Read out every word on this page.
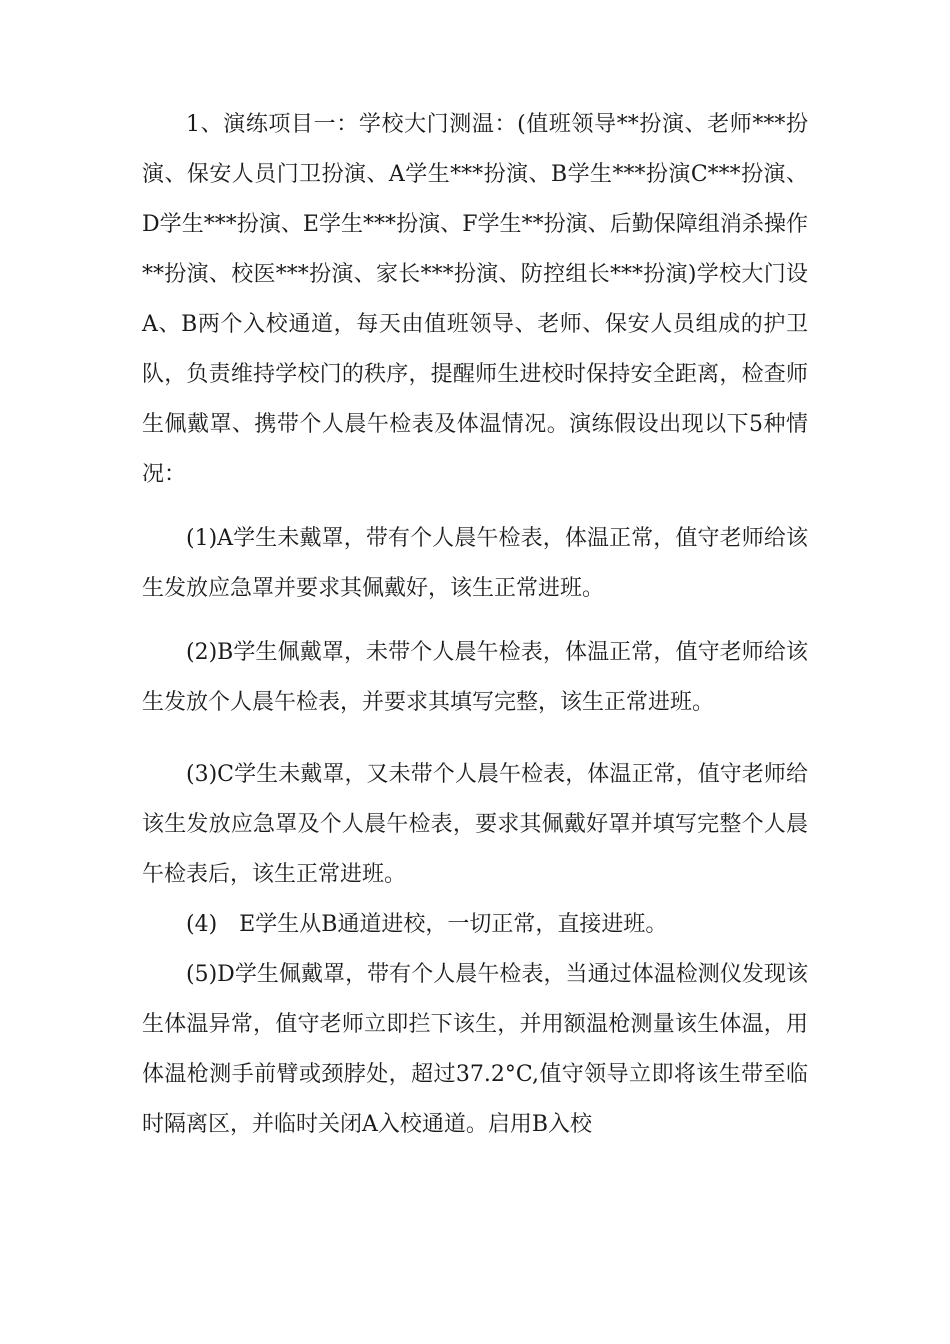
1、演练项目一：学校大门测温：(值班领导**扮演、老师***扮演、保安人员门卫扮演、A学生***扮演、B学生***扮演C***扮演、D学生***扮演、E学生***扮演、F学生**扮演、后勤保障组消杀操作**扮演、校医***扮演、家长***扮演、防控组长***扮演)学校大门设A、B两个入校通道，每天由值班领导、老师、保安人员组成的护卫队，负责维持学校门的秩序，提醒师生进校时保持安全距离，检查师生佩戴罩、携带个人晨午检表及体温情况。演练假设出现以下5种情况：

(1)A学生未戴罩，带有个人晨午检表，体温正常，值守老师给该生发放应急罩并要求其佩戴好，该生正常进班。

(2)B学生佩戴罩，未带个人晨午检表，体温正常，值守老师给该生发放个人晨午检表，并要求其填写完整，该生正常进班。

(3)C学生未戴罩，又未带个人晨午检表，体温正常，值守老师给该生发放应急罩及个人晨午检表，要求其佩戴好罩并填写完整个人晨午检表后，该生正常进班。

(4)　E学生从B通道进校，一切正常，直接进班。

(5)D学生佩戴罩，带有个人晨午检表，当通过体温检测仪发现该生体温异常，值守老师立即拦下该生，并用额温枪测量该生体温，用体温枪测手前臂或颈脖处，超过37.2°C,值守领导立即将该生带至临时隔离区，并临时关闭A入校通道。启用B入校
